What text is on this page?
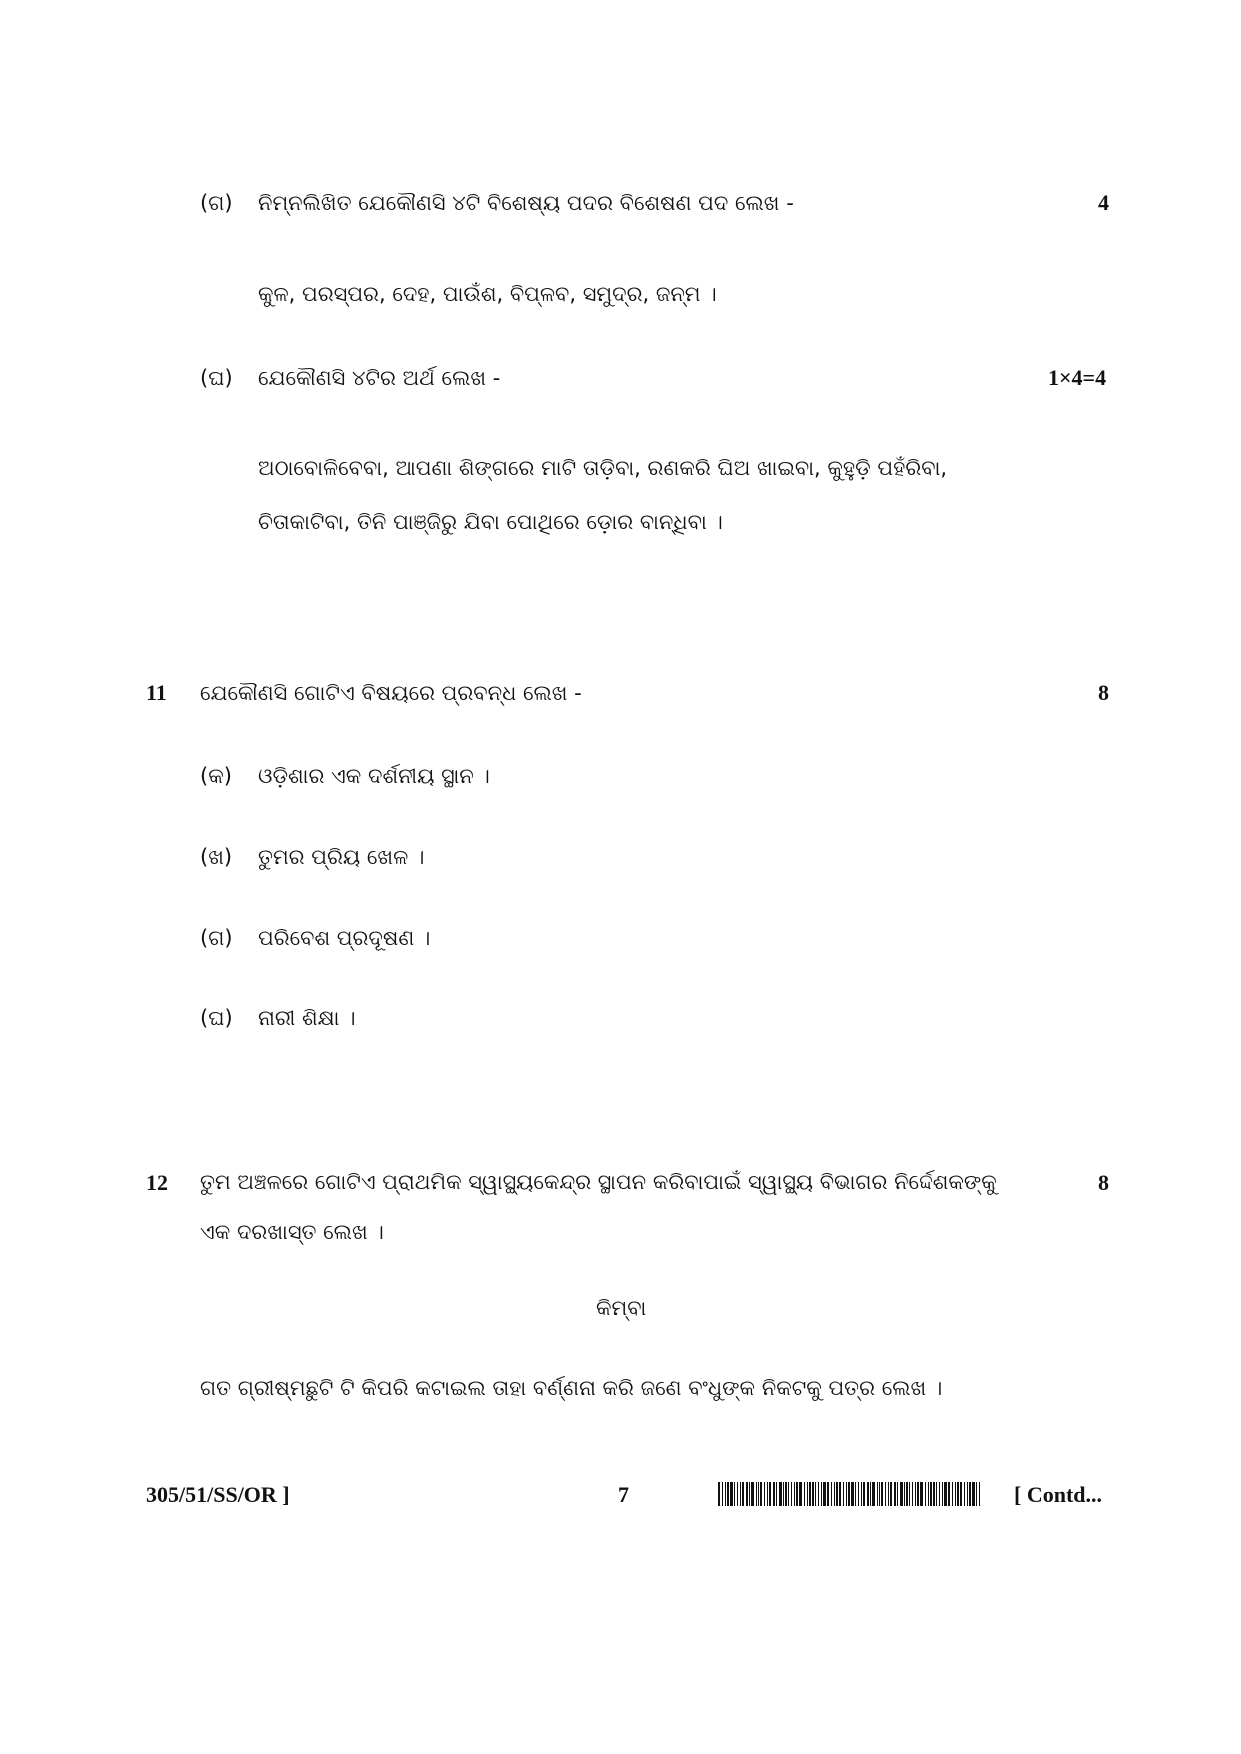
(ଗ) ନିମ୍ନଲିଖିତ ଯେକୌଣସି ୪ଟି ବିଶେଷ୍ୟ ପଦର ବିଶେଷଣ ପଦ ଲେଖ -	4
କୁଳ, ପରସ୍ପର, ଦେହ, ପାଉଁଶ, ବିପ୍ଳବ, ସମୁଦ୍ର, ଜନ୍ମ ।
(ଘ) ଯେକୌଣସି ୪ଟିର ଅର୍ଥ ଲେଖ -	1×4=4
ଅଠାବୋଳିବେବା, ଆପଣା ଶିଙ୍ଗରେ ମାଟି ତାଡ଼ିବା, ରଣକରି ଘିଅ ଖାଇବା, କୁହୁଡ଼ି ପହଁରିବା,
ଚିତାକାଟିବା, ତିନି ପାଞ୍ଜିରୁ ଯିବା ପୋଥିରେ ଡ଼ୋର ବାନ୍ଧିବା ।
11 ଯେକୌଣସି ଗୋଟିଏ ବିଷୟରେ ପ୍ରବନ୍ଧ ଲେଖ -	8
(କ) ଓଡ଼ିଶାର ଏକ ଦର୍ଶନୀୟ ସ୍ଥାନ ।
(ଖ) ତୁମର ପ୍ରିୟ ଖେଳ ।
(ଗ) ପରିବେଶ ପ୍ରଦୂଷଣ ।
(ଘ) ନାରୀ ଶିକ୍ଷା ।
12 ତୁମ ଅଞ୍ଚଳରେ ଗୋଟିଏ ପ୍ରାଥମିକ ସ୍ୱାସ୍ଥ୍ୟକେନ୍ଦ୍ର ସ୍ଥାପନ କରିବାପାଇଁ ସ୍ୱାସ୍ଥ୍ୟ ବିଭାଗର ନିର୍ଦ୍ଦେଶକଙ୍କୁ	8
ଏକ ଦରଖାସ୍ତ ଲେଖ ।
କିମ୍ବା
ଗତ ଗ୍ରୀଷ୍ମଛୁଟି ଟି କିପରି କଟାଇଲ ତାହା ବର୍ଣ୍ଣନା କରି ଜଣେ ବଂଧୁଙ୍କ ନିକଟକୁ ପତ୍ର ଲେଖ ।
305/51/SS/OR ]	7	[ Contd...
